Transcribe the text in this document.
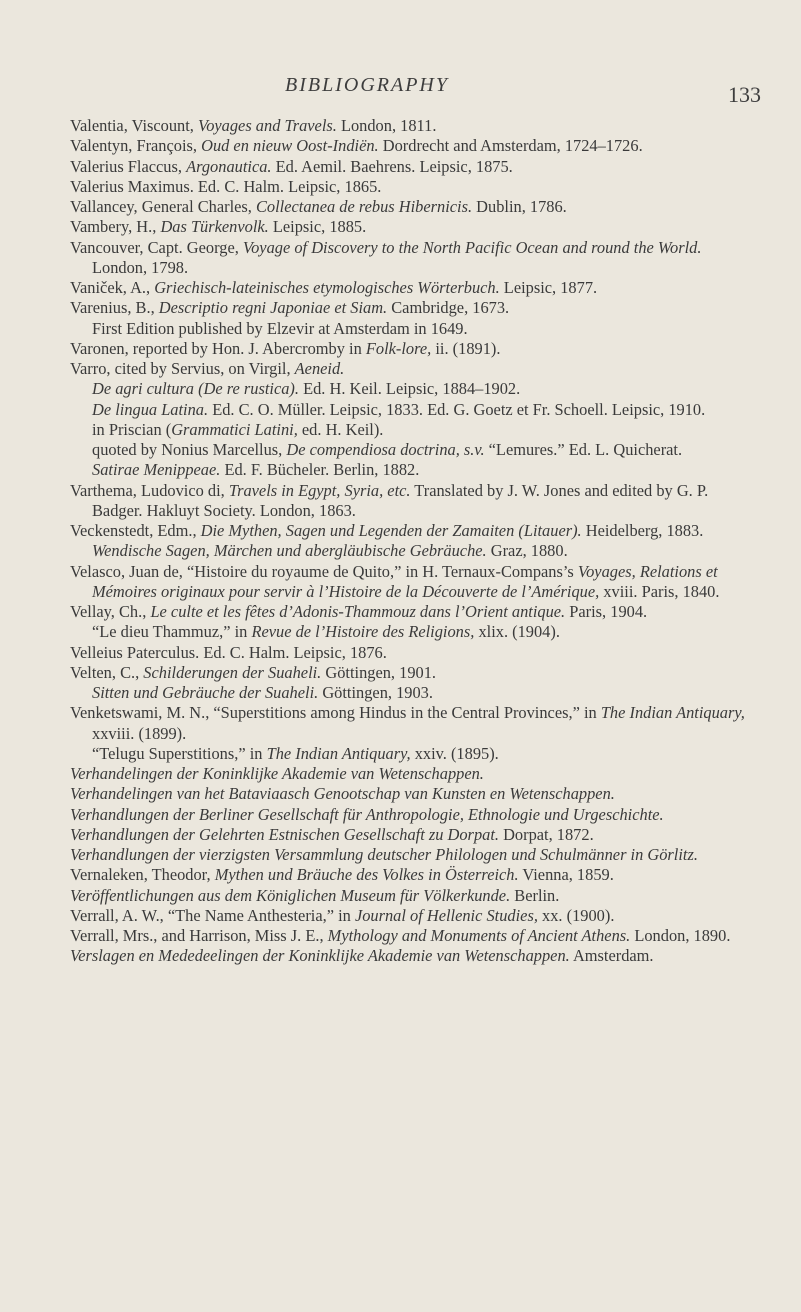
BIBLIOGRAPHY	133

Valentia, Viscount, Voyages and Travels. London, 1811.

Valentyn, François, Oud en nieuw Oost-Indiën. Dordrecht and Amsterdam, 1724–1726.

Valerius Flaccus, Argonautica. Ed. Aemil. Baehrens. Leipsic, 1875.

Valerius Maximus. Ed. C. Halm. Leipsic, 1865.

Vallancey, General Charles, Collectanea de rebus Hibernicis. Dublin, 1786.

Vambery, H., Das Türkenvolk. Leipsic, 1885.

Vancouver, Capt. George, Voyage of Discovery to the North Pacific Ocean and round the World. London, 1798.

Vaniček, A., Griechisch-lateinisches etymologisches Wörterbuch. Leipsic, 1877.

Varenius, B., Descriptio regni Japoniae et Siam. Cambridge, 1673.

First Edition published by Elzevir at Amsterdam in 1649.

Varonen, reported by Hon. J. Abercromby in Folk-lore, ii. (1891).

Varro, cited by Servius, on Virgil, Aeneid.

De agri cultura (De re rustica). Ed. H. Keil. Leipsic, 1884–1902.

De lingua Latina. Ed. C. O. Müller. Leipsic, 1833. Ed. G. Goetz et Fr. Schoell. Leipsic, 1910.

in Priscian (Grammatici Latini, ed. H. Keil).

quoted by Nonius Marcellus, De compendiosa doctrina, s.v. “Lemures.” Ed. L. Quicherat.

Satirae Menippeae. Ed. F. Bücheler. Berlin, 1882.

Varthema, Ludovico di, Travels in Egypt, Syria, etc. Translated by J. W. Jones and edited by G. P. Badger. Hakluyt Society. London, 1863.

Veckenstedt, Edm., Die Mythen, Sagen und Legenden der Zamaiten (Litauer). Heidelberg, 1883.

Wendische Sagen, Märchen und abergläubische Gebräuche. Graz, 1880.

Velasco, Juan de, “Histoire du royaume de Quito,” in H. Ternaux-Compans’s Voyages, Relations et Mémoires originaux pour servir à l’Histoire de la Découverte de l’Amérique, xviii. Paris, 1840.

Vellay, Ch., Le culte et les fêtes d’Adonis-Thammouz dans l’Orient antique. Paris, 1904.

“Le dieu Thammuz,” in Revue de l’Histoire des Religions, xlix. (1904).

Velleius Paterculus. Ed. C. Halm. Leipsic, 1876.

Velten, C., Schilderungen der Suaheli. Göttingen, 1901.

Sitten und Gebräuche der Suaheli. Göttingen, 1903.

Venketswami, M. N., “Superstitions among Hindus in the Central Provinces,” in The Indian Antiquary, xxviii. (1899).

“Telugu Superstitions,” in The Indian Antiquary, xxiv. (1895).

Verhandelingen der Koninklijke Akademie van Wetenschappen.

Verhandelingen van het Bataviaasch Genootschap van Kunsten en Wetenschappen.

Verhandlungen der Berliner Gesellschaft für Anthropologie, Ethnologie und Urgeschichte.

Verhandlungen der Gelehrten Estnischen Gesellschaft zu Dorpat. Dorpat, 1872.

Verhandlungen der vierzigsten Versammlung deutscher Philologen und Schulmänner in Görlitz.

Vernaleken, Theodor, Mythen und Bräuche des Volkes in Österreich. Vienna, 1859.

Veröffentlichungen aus dem Königlichen Museum für Völkerkunde. Berlin.

Verrall, A. W., “The Name Anthesteria,” in Journal of Hellenic Studies, xx. (1900).

Verrall, Mrs., and Harrison, Miss J. E., Mythology and Monuments of Ancient Athens. London, 1890.

Verslagen en Mededeelingen der Koninklijke Akademie van Wetenschappen. Amsterdam.
